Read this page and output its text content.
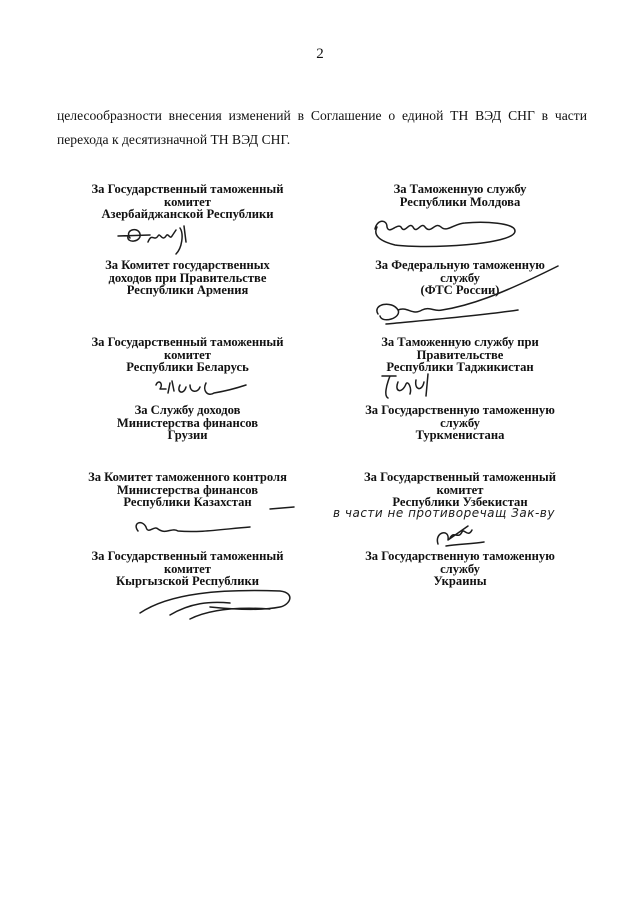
2

целесообразности внесения изменений в Соглашение о единой ТН ВЭД СНГ в части перехода к десятизначной ТН ВЭД СНГ.

За Государственный таможенный
комитет
Азербайджанской Республики
За Таможенную службу
Республики Молдова
За Комитет государственных
доходов при Правительстве
Республики Армения
За Федеральную таможенную
службу
(ФТС России)
За Государственный таможенный
комитет
Республики Беларусь
За Таможенную службу при
Правительстве
Республики Таджикистан
За Службу доходов
Министерства финансов
Грузии
За Государственную таможенную
службу
Туркменистана
За Комитет таможенного контроля
Министерства финансов
Республики Казахстан
За Государственный таможенный
комитет
Республики Узбекистан
в части не противоречащ Зак-ву
За Государственный таможенный
комитет
Кыргызской Республики
За Государственную таможенную
службу
Украины
